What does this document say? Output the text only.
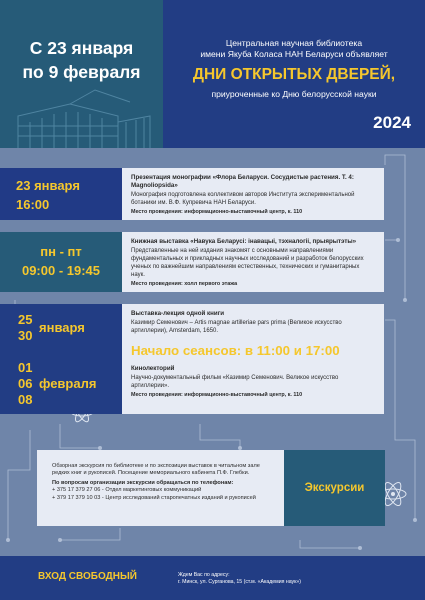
С 23 января
по 9 февраля
Центральная научная библиотека
имени Якуба Коласа НАН Беларуси объявляет
ДНИ ОТКРЫТЫХ ДВЕРЕЙ,
приуроченные ко Дню белорусской науки
2024
23 января
16:00
Презентация монографии «Флора Беларуси. Сосудистые растения. Т. 4: Magnoliopsida»
Монография подготовлена коллективом авторов Института экспериментальной ботаники им. В.Ф. Купревича НАН Беларуси.
Место проведения: информационно-выставочный центр, к. 110
пн - пт
09:00 - 19:45
Книжная выставка «Навука Беларусі: інавацыі, тэхналогіі, прыярытэты»
Представленные на ней издания знакомят с основными направлениями фундаментальных и прикладных научных исследований и разработок белорусских ученых по важнейшим направлениям естественных, технических и гуманитарных наук.
Место проведения: холл первого этажа
25
января
30
01
06 февраля
08
Выставка-лекция одной книги
Казимир Семенович – Artis magnae artilleriae pars prima (Великое искусство артиллерии), Amsterdam, 1650.
Начало сеансов: в 11:00 и 17:00
Кинолекторий
Научно-документальный фильм «Казимир Семенович. Великое искусство артиллерии».
Место проведения: информационно-выставочный центр, к. 110
Обзорная экскурсия по библиотеке и по экспозиции выставок в читальном зале редких книг и рукописей. Посещение мемориального кабинета П.Ф. Глебки.
По вопросам организации экскурсии обращаться по телефонам:
+ 375 17 379 27 06 - Отдел маркетинговых коммуникаций
+ 379 17 379 10 03 - Центр исследований старопечатных изданий и рукописей
Экскурсии
ВХОД СВОБОДНЫЙ	Ждем Вас по адресу:
г. Минск, ул. Сурганова, 15 (ст.м. «Академия наук»)
